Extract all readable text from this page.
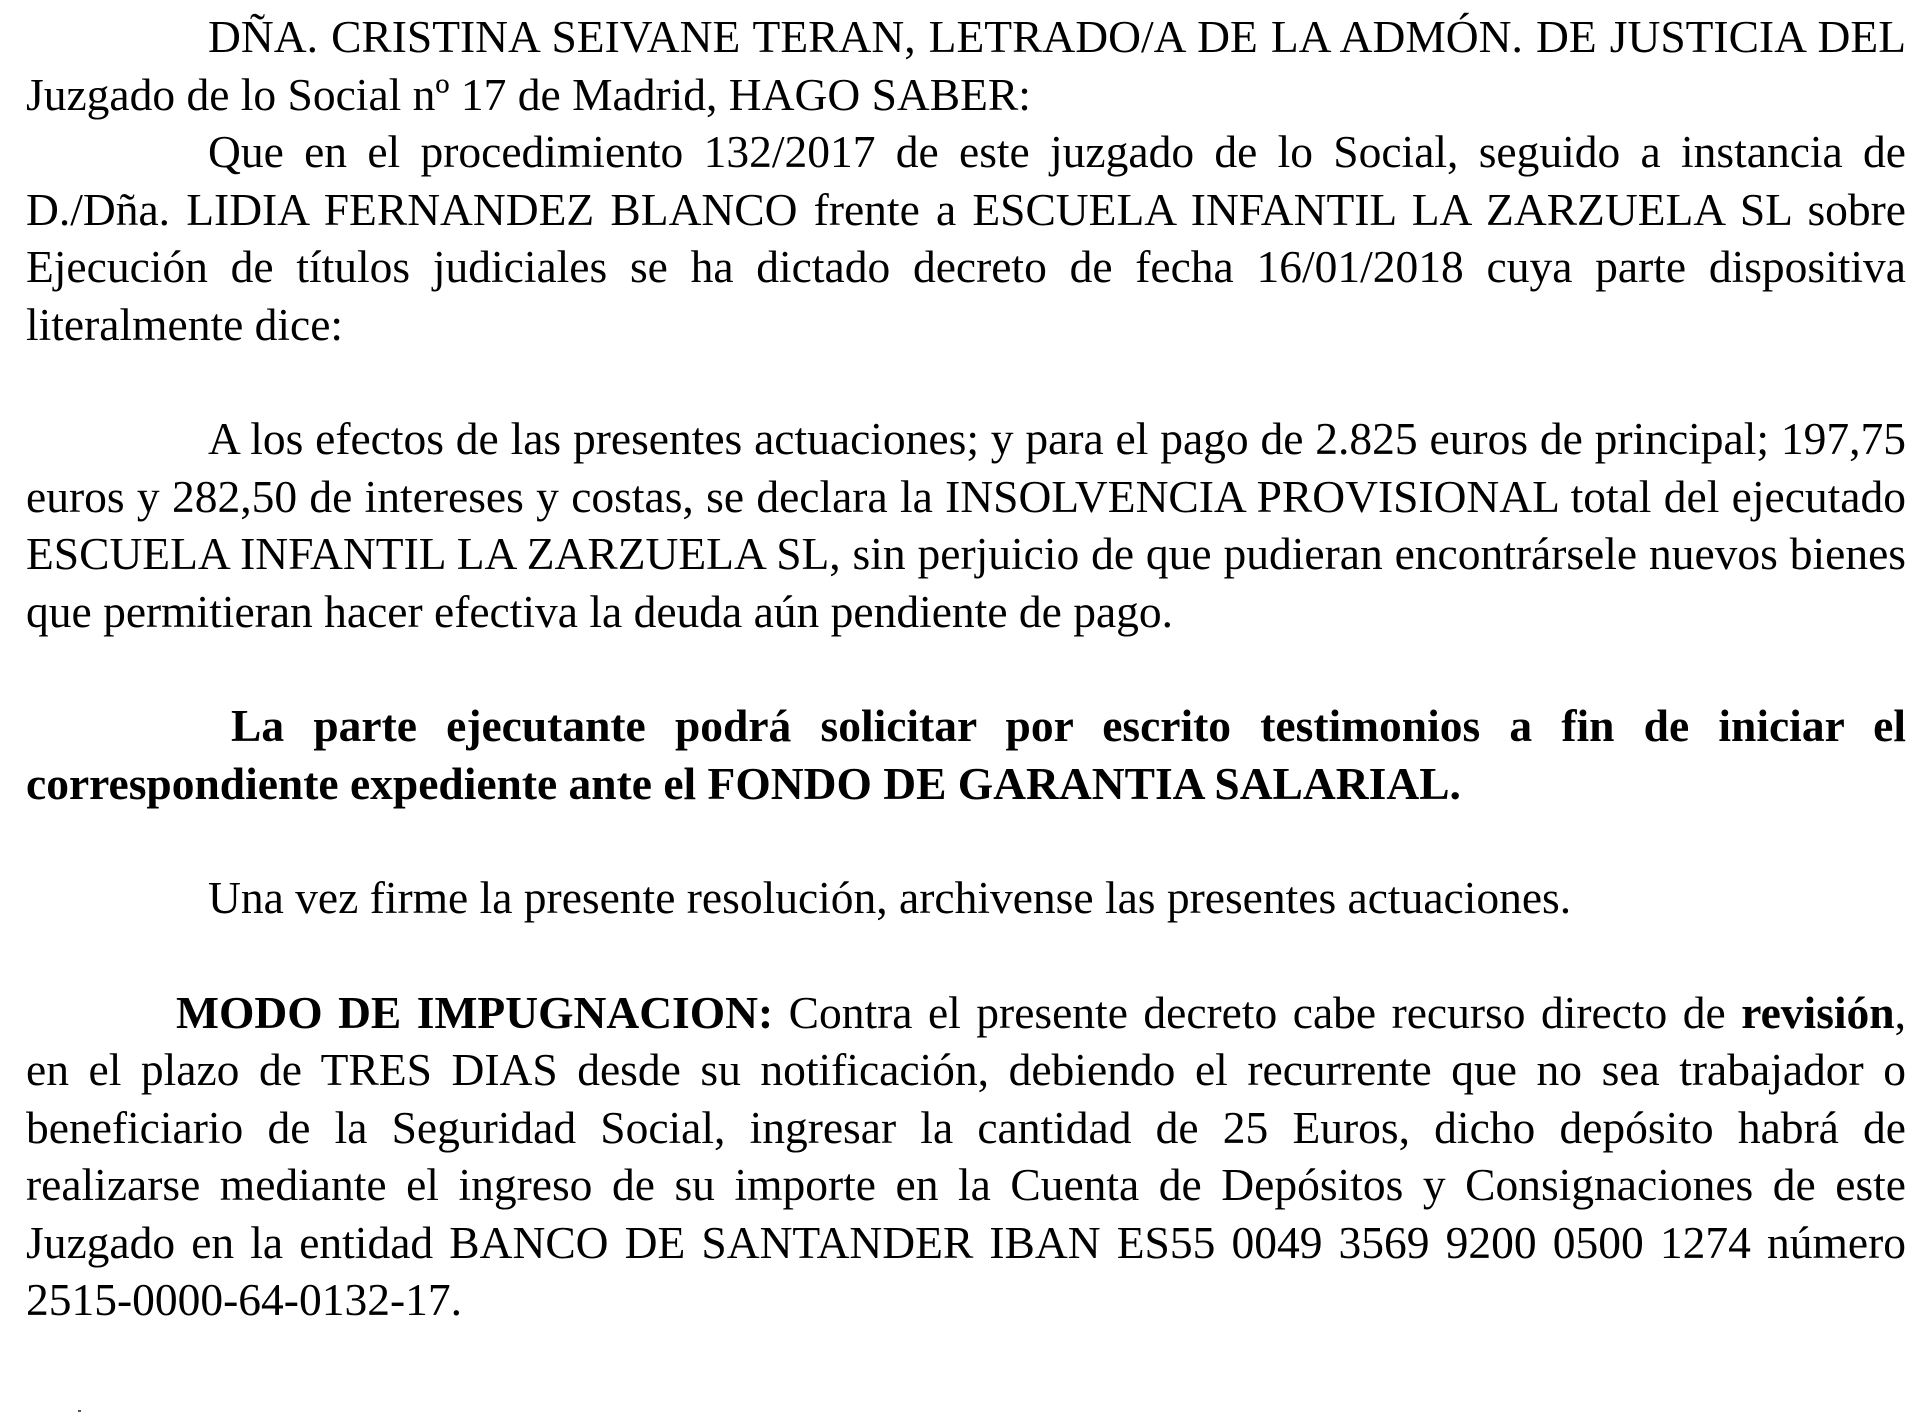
DÑA. CRISTINA SEIVANE TERAN, LETRADO/A DE LA ADMÓN. DE JUSTICIA DEL Juzgado de lo Social nº 17 de Madrid, HAGO SABER:

Que en el procedimiento 132/2017 de este juzgado de lo Social, seguido a instancia de D./Dña. LIDIA FERNANDEZ BLANCO frente a ESCUELA INFANTIL LA ZARZUELA SL sobre Ejecución de títulos judiciales se ha dictado decreto de fecha 16/01/2018 cuya parte dispositiva literalmente dice:

A los efectos de las presentes actuaciones; y para el pago de 2.825 euros de principal; 197,75 euros y 282,50 de intereses y costas, se declara la INSOLVENCIA PROVISIONAL total del ejecutado ESCUELA INFANTIL LA ZARZUELA SL, sin perjuicio de que pudieran encontrársele nuevos bienes que permitieran hacer efectiva la deuda aún pendiente de pago.

La parte ejecutante podrá solicitar por escrito testimonios a fin de iniciar el correspondiente expediente ante el FONDO DE GARANTIA SALARIAL.

Una vez firme la presente resolución, archivense las presentes actuaciones.

MODO DE IMPUGNACION: Contra el presente decreto cabe recurso directo de revisión, en el plazo de TRES DIAS desde su notificación, debiendo el recurrente que no sea trabajador o beneficiario de la Seguridad Social, ingresar la cantidad de 25 Euros, dicho depósito habrá de realizarse mediante el ingreso de su importe en la Cuenta de Depósitos y Consignaciones de este Juzgado en la entidad BANCO DE SANTANDER IBAN ES55 0049 3569 9200 0500 1274 número 2515-0000-64-0132-17.
